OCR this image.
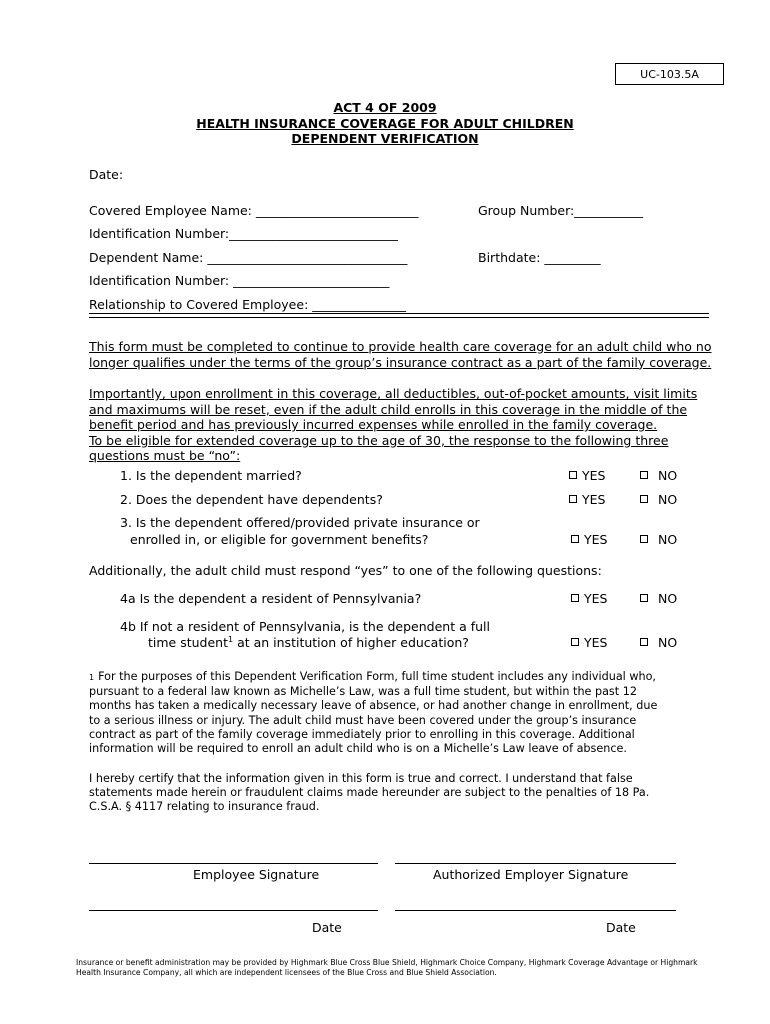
UC-103.5A
ACT 4 OF 2009
HEALTH INSURANCE COVERAGE FOR ADULT CHILDREN
DEPENDENT VERIFICATION
Date:
Covered Employee Name: __________________________	Group Number:___________
Identification Number:___________________________
Dependent Name: ________________________________	Birthdate: _________
Identification Number: _________________________
Relationship to Covered Employee: _______________
This form must be completed to continue to provide health care coverage for an adult child who no
longer qualifies under the terms of the group’s insurance contract as a part of the family coverage.
Importantly, upon enrollment in this coverage, all deductibles, out-of-pocket amounts, visit limits
and maximums will be reset, even if the adult child enrolls in this coverage in the middle of the
benefit period and has previously incurred expenses while enrolled in the family coverage.
To be eligible for extended coverage up to the age of 30, the response to the following three
questions must be “no”:
1. Is the dependent married?	YES	NO
2. Does the dependent have dependents?	YES	NO
3. Is the dependent offered/provided private insurance or
enrolled in, or eligible for government benefits?	YES	NO
Additionally, the adult child must respond “yes” to one of the following questions:
4a Is the dependent a resident of Pennsylvania?	YES	NO
4b If not a resident of Pennsylvania, is the dependent a full
time student$^1$ at an institution of higher education?	YES	NO
1 For the purposes of this Dependent Verification Form, full time student includes any individual who,
pursuant to a federal law known as Michelle’s Law, was a full time student, but within the past 12
months has taken a medically necessary leave of absence, or had another change in enrollment, due
to a serious illness or injury. The adult child must have been covered under the group’s insurance
contract as part of the family coverage immediately prior to enrolling in this coverage. Additional
information will be required to enroll an adult child who is on a Michelle’s Law leave of absence.
I hereby certify that the information given in this form is true and correct. I understand that false
statements made herein or fraudulent claims made hereunder are subject to the penalties of 18 Pa.
C.S.A. § 4117 relating to insurance fraud.
Employee Signature	Authorized Employer Signature
Date	Date
Insurance or benefit administration may be provided by Highmark Blue Cross Blue Shield, Highmark Choice Company, Highmark Coverage Advantage or Highmark
Health Insurance Company, all which are independent licensees of the Blue Cross and Blue Shield Association.
